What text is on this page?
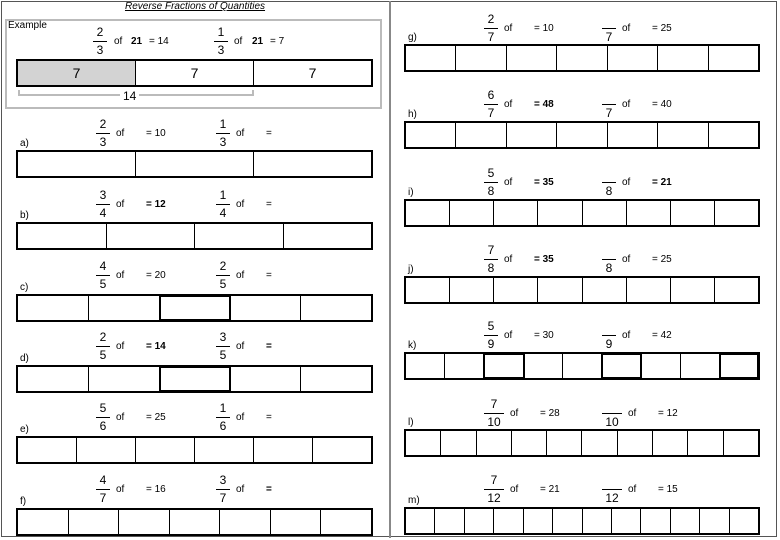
Reverse Fractions of Quantities
Example	2
3
of 21 = 14
1
3
of 21 = 7
7	7	7
14
a)
2
3
of = 10
1
3
of =
b)
3
4
of = 12
1
4
of =
c)
4
5
of = 20
2
5
of =
d)
2
5
of = 14
3
5
of =
e)
5
6
of = 25
1
6
of =
f)
4
7
of = 16
3
7
of =
g)
2
7
of = 10
7
of = 25
h)
6
7
of = 48
7
of = 40
i)
5
8
of = 35
8
of = 21
j)
7
8
of = 35
8
of = 25
k)
5
9
of = 30
9
of = 42
l)
7
10
of = 28
10
of = 12
m)
7
12
of = 21
12
of = 15
